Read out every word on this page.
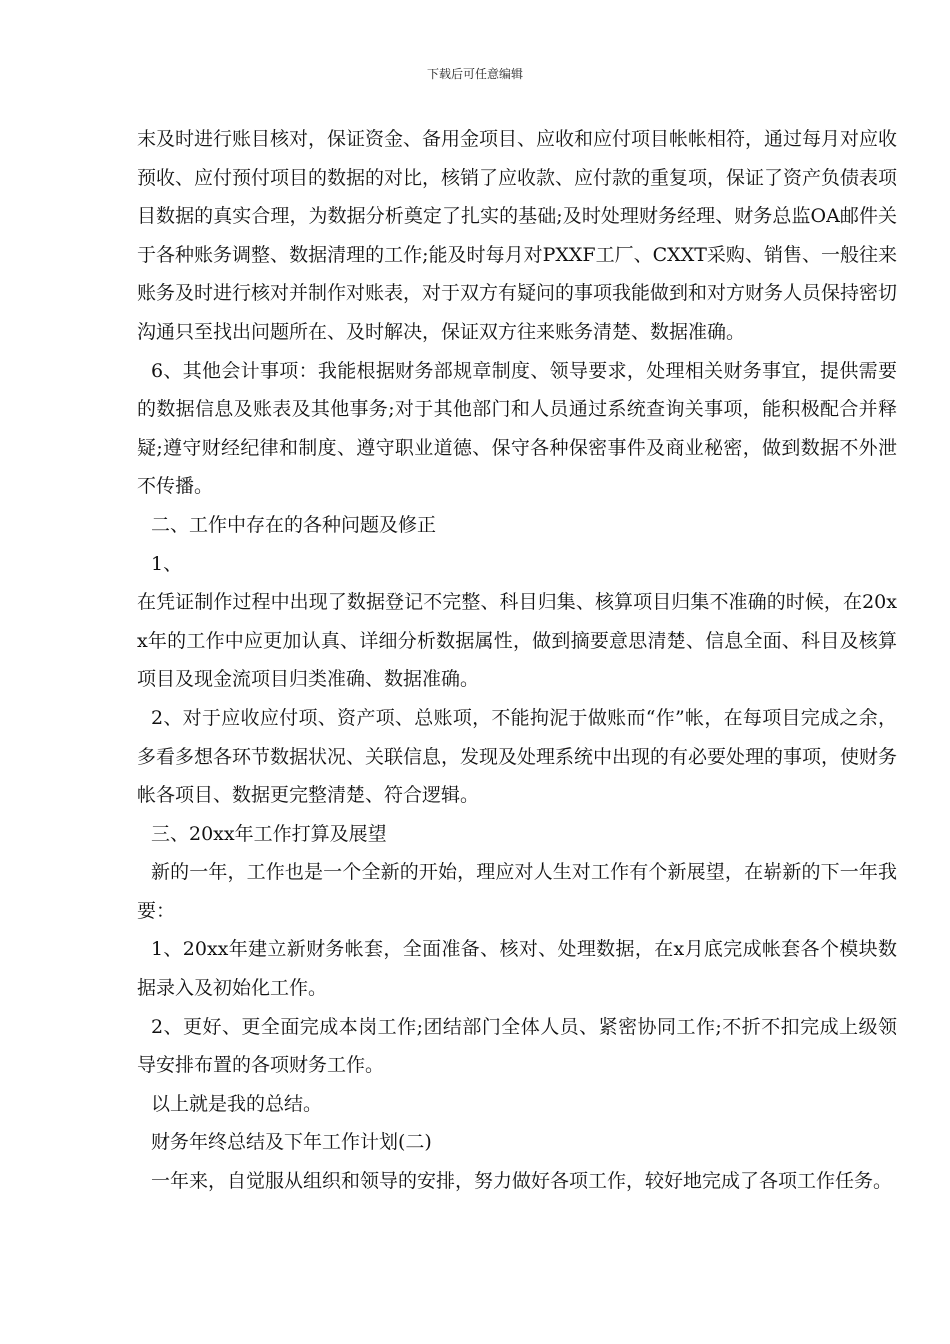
下载后可任意编辑

末及时进行账目核对，保证资金、备用金项目、应收和应付项目帐帐相符，通过每月对应收预收、应付预付项目的数据的对比，核销了应收款、应付款的重复项，保证了资产负债表项目数据的真实合理，为数据分析奠定了扎实的基础;及时处理财务经理、财务总监OA邮件关于各种账务调整、数据清理的工作;能及时每月对PXXF工厂、CXXT采购、销售、一般往来账务及时进行核对并制作对账表，对于双方有疑问的事项我能做到和对方财务人员保持密切沟通只至找出问题所在、及时解决，保证双方往来账务清楚、数据准确。

6、其他会计事项：我能根据财务部规章制度、领导要求，处理相关财务事宜，提供需要的数据信息及账表及其他事务;对于其他部门和人员通过系统查询关事项，能积极配合并释疑;遵守财经纪律和制度、遵守职业道德、保守各种保密事件及商业秘密，做到数据不外泄不传播。

二、工作中存在的各种问题及修正

1、

在凭证制作过程中出现了数据登记不完整、科目归集、核算项目归集不准确的时候，在20xx年的工作中应更加认真、详细分析数据属性，做到摘要意思清楚、信息全面、科目及核算项目及现金流项目归类准确、数据准确。

2、对于应收应付项、资产项、总账项，不能拘泥于做账而“作”帐，在每项目完成之余，多看多想各环节数据状况、关联信息，发现及处理系统中出现的有必要处理的事项，使财务帐各项目、数据更完整清楚、符合逻辑。

三、20xx年工作打算及展望

新的一年，工作也是一个全新的开始，理应对人生对工作有个新展望，在崭新的下一年我要：

1、20xx年建立新财务帐套，全面准备、核对、处理数据，在x月底完成帐套各个模块数据录入及初始化工作。

2、更好、更全面完成本岗工作;团结部门全体人员、紧密协同工作;不折不扣完成上级领导安排布置的各项财务工作。

以上就是我的总结。

财务年终总结及下年工作计划(二)

一年来，自觉服从组织和领导的安排，努力做好各项工作，较好地完成了各项工作任务。
